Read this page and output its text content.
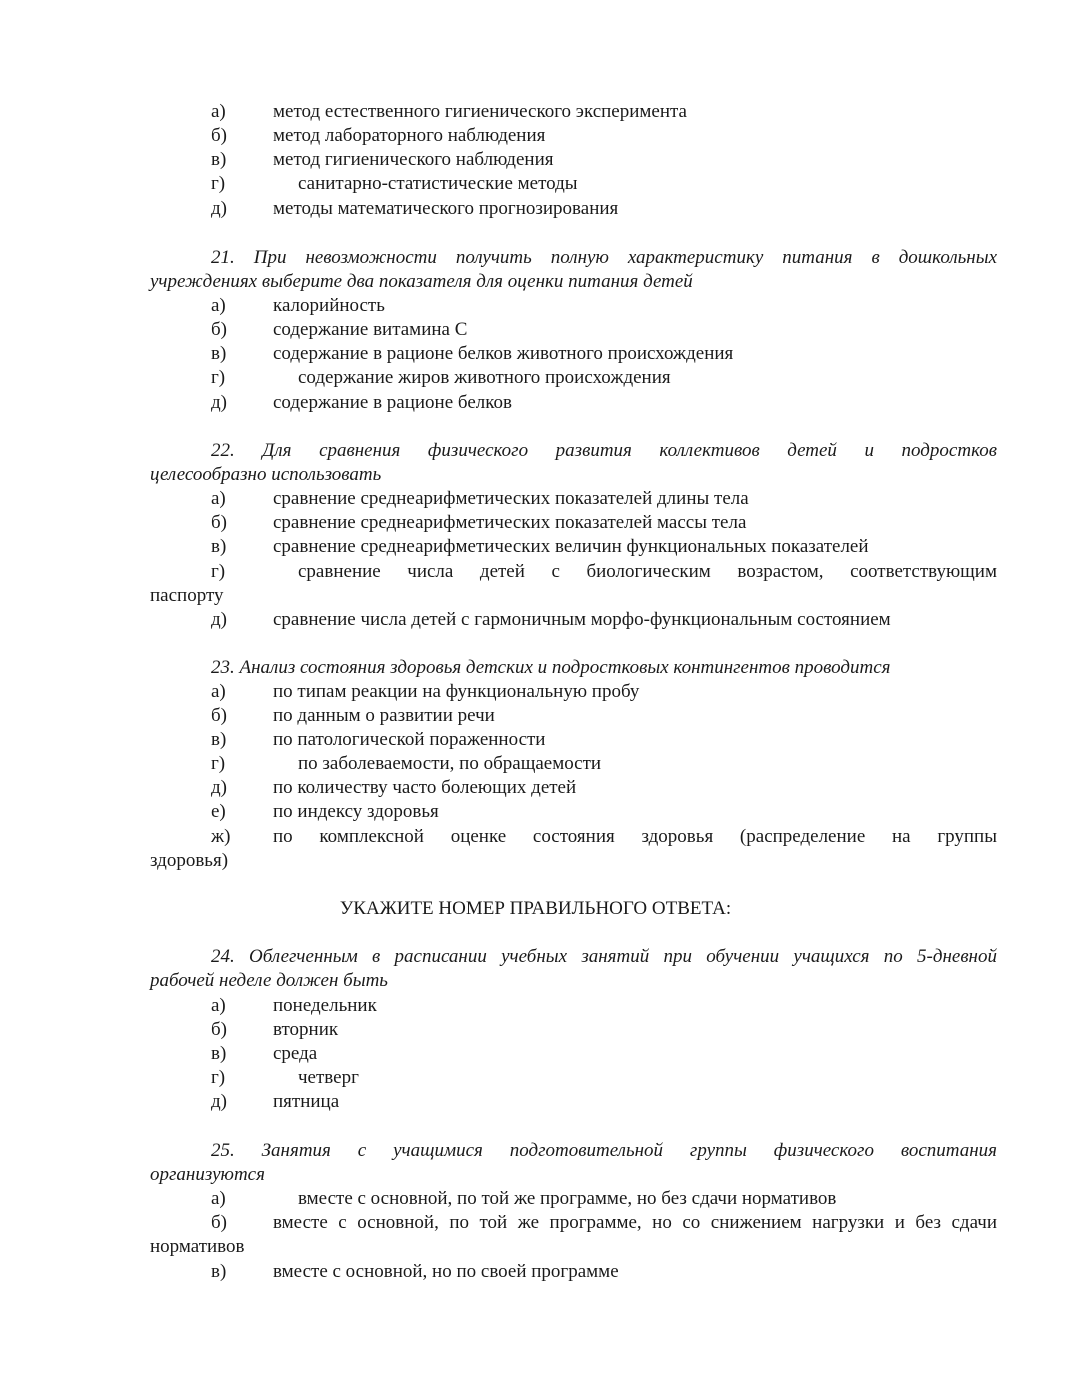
а) метод естественного гигиенического эксперимента
б) метод лабораторного наблюдения
в) метод гигиенического наблюдения
г)	санитарно-статистические методы
д) методы математического прогнозирования
21. При невозможности получить полную характеристику питания в дошкольных
учреждениях выберите два показателя для оценки питания детей
а) калорийность
б) содержание витамина С
в) содержание в рационе белков животного происхождения
г)	содержание жиров животного происхождения
д) содержание в рационе белков
22. Для сравнения физического развития коллективов детей и подростков
целесообразно использовать
а) сравнение среднеарифметических показателей длины тела
б) сравнение среднеарифметических показателей массы тела
в) сравнение среднеарифметических величин функциональных показателей
г)	сравнение числа детей с биологическим возрастом, соответствующим
паспорту
д) сравнение числа детей с гармоничным морфо-функциональным состоянием
23. Анализ состояния здоровья детских и подростковых контингентов проводится
а) по типам реакции на функциональную пробу
б) по данным о развитии речи
в) по патологической пораженности
г)	по заболеваемости, по обращаемости
д) по количеству часто болеющих детей
е) по индексу здоровья
ж) по комплексной оценке состояния здоровья (распределение на группы
здоровья)
УКАЖИТЕ НОМЕР ПРАВИЛЬНОГО ОТВЕТА:
24. Облегченным в расписании учебных занятий при обучении учащихся по 5-дневной
рабочей неделе должен быть
а) понедельник
б) вторник
в) среда
г)	четверг
д) пятница
25. Занятия с учащимися подготовительной группы физического воспитания
организуются
а)	вместе с основной, по той же программе, но без сдачи нормативов
б) вместе с основной, по той же программе, но со снижением нагрузки и без сдачи
нормативов
в) вместе с основной, но по своей программе
